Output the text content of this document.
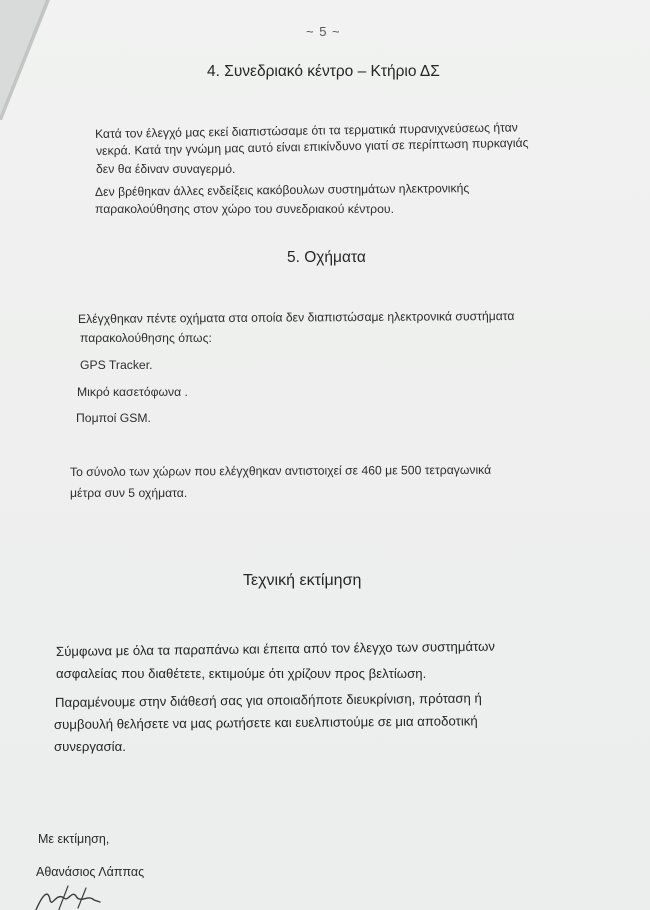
~ 5 ~
4. Συνεδριακό κέντρο – Κτήριο ΔΣ
Κατά τον έλεγχό μας εκεί διαπιστώσαμε ότι τα τερματικά πυρανιχνεύσεως ήταν
νεκρά. Κατά την γνώμη μας αυτό είναι επικίνδυνο γιατί σε περίπτωση πυρκαγιάς
δεν θα έδιναν συναγερμό.
Δεν βρέθηκαν άλλες ενδείξεις κακόβουλων συστημάτων ηλεκτρονικής
παρακολούθησης στον χώρο του συνεδριακού κέντρου.
5. Οχήματα
Ελέγχθηκαν πέντε οχήματα στα οποία δεν διαπιστώσαμε ηλεκτρονικά συστήματα
παρακολούθησης όπως:
GPS Tracker.
Μικρό κασετόφωνα .
Πομποί GSM.
Το σύνολο των χώρων που ελέγχθηκαν αντιστοιχεί σε 460 με 500 τετραγωνικά
μέτρα συν 5 οχήματα.
Τεχνική εκτίμηση
Σύμφωνα με όλα τα παραπάνω και έπειτα από τον έλεγχο των συστημάτων
ασφαλείας που διαθέτετε, εκτιμούμε ότι χρίζουν προς βελτίωση.
Παραμένουμε στην διάθεσή σας για οποιαδήποτε διευκρίνιση, πρόταση ή
συμβουλή θελήσετε να μας ρωτήσετε και ευελπιστούμε σε μια αποδοτική
συνεργασία.
Με εκτίμηση,
Αθανάσιος Λάππας
